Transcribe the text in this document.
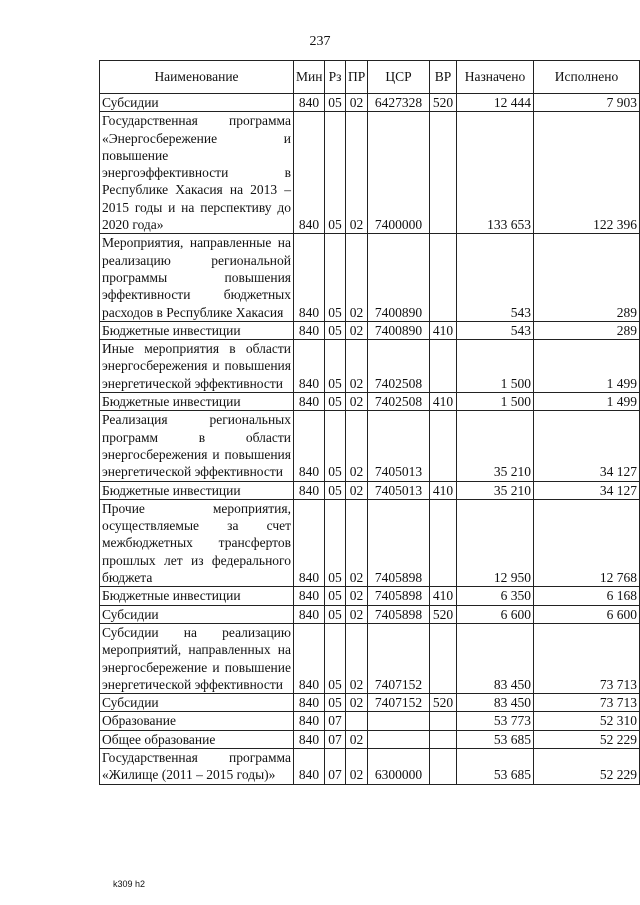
237
Наименование	Мин	Рз	ПР	ЦСР	ВР	Назначено	Исполнено
Субсидии	840	05	02	6427328	520	12 444	7 903
Государственная программа «Энергосбережение и повышение энергоэффективности в Республике Хакасия на 2013 – 2015 годы и на перспективу до 2020 года»	840	05	02	7400000		133 653	122 396
Мероприятия, направленные на реализацию региональной программы повышения эффективности бюджетных расходов в Республике Хакасия	840	05	02	7400890		543	289
Бюджетные инвестиции	840	05	02	7400890	410	543	289
Иные мероприятия в области энергосбережения и повышения энергетической эффективности	840	05	02	7402508		1 500	1 499
Бюджетные инвестиции	840	05	02	7402508	410	1 500	1 499
Реализация региональных программ в области энергосбережения и повышения энергетической эффективности	840	05	02	7405013		35 210	34 127
Бюджетные инвестиции	840	05	02	7405013	410	35 210	34 127
Прочие мероприятия, осуществляемые за счет межбюджетных трансфертов прошлых лет из федерального бюджета	840	05	02	7405898		12 950	12 768
Бюджетные инвестиции	840	05	02	7405898	410	6 350	6 168
Субсидии	840	05	02	7405898	520	6 600	6 600
Субсидии на реализацию мероприятий, направленных на энергосбережение и повышение энергетической эффективности	840	05	02	7407152		83 450	73 713
Субсидии	840	05	02	7407152	520	83 450	73 713
Образование	840	07				53 773	52 310
Общее образование	840	07	02			53 685	52 229
Государственная программа «Жилище (2011 – 2015 годы)»	840	07	02	6300000		53 685	52 229
k309 h2
